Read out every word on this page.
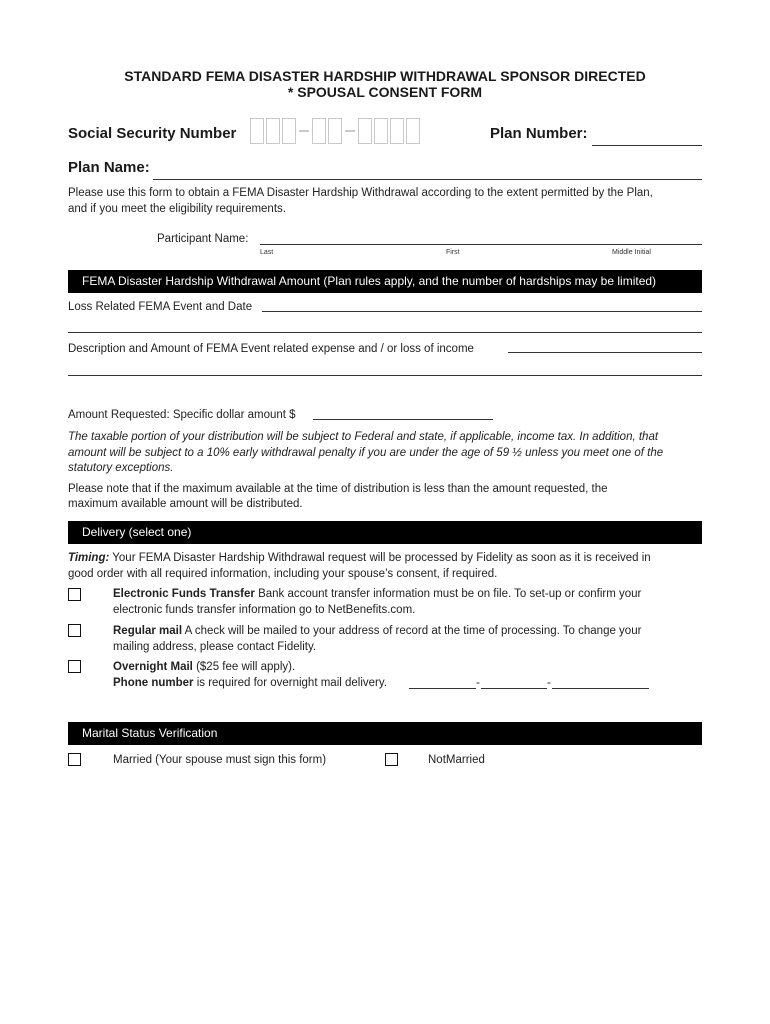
STANDARD FEMA DISASTER HARDSHIP WITHDRAWAL SPONSOR DIRECTED
* SPOUSAL CONSENT FORM
Social Security Number	Plan Number:
Plan Name:
Please use this form to obtain a FEMA Disaster Hardship Withdrawal according to the extent permitted by the Plan,
and if you meet the eligibility requirements.
Participant Name:
Last	First	Middle Initial
FEMA Disaster Hardship Withdrawal Amount (Plan rules apply, and the number of hardships may be limited)
Loss Related FEMA Event and Date
Description and Amount of FEMA Event related expense and / or loss of income
Amount Requested: Specific dollar amount $
The taxable portion of your distribution will be subject to Federal and state, if applicable, income tax. In addition, that
amount will be subject to a 10% early withdrawal penalty if you are under the age of 59 ½ unless you meet one of the
statutory exceptions.
Please note that if the maximum available at the time of distribution is less than the amount requested, the
maximum available amount will be distributed.
Delivery (select one)
Timing: Your FEMA Disaster Hardship Withdrawal request will be processed by Fidelity as soon as it is received in
good order with all required information, including your spouse’s consent, if required.
Electronic Funds Transfer Bank account transfer information must be on file. To set-up or confirm your
electronic funds transfer information go to NetBenefits.com.
Regular mail A check will be mailed to your address of record at the time of processing. To change your
mailing address, please contact Fidelity.
Overnight Mail ($25 fee will apply).
Phone number is required for overnight mail delivery.	-	-
Marital Status Verification
Married (Your spouse must sign this form)	NotMarried
